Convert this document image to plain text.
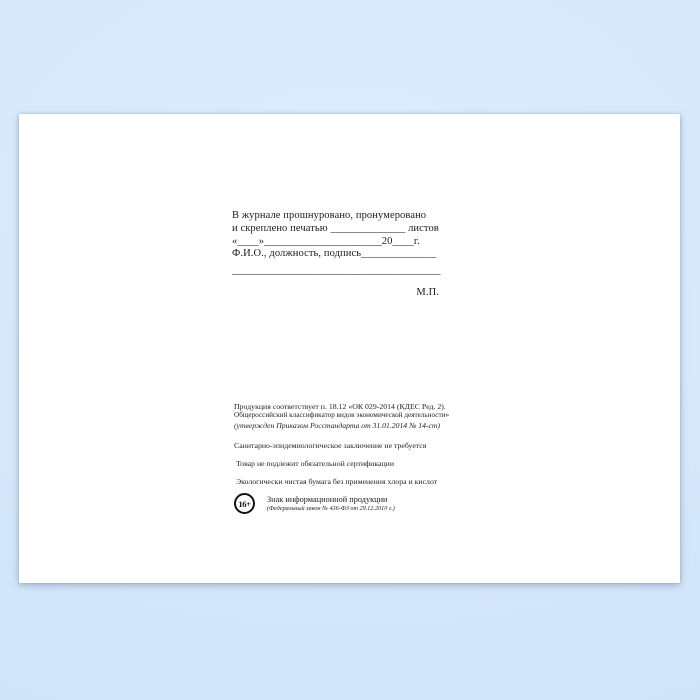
В журнале прошнуровано, пронумеровано
и скреплено печатью ______________ листов
«____»______________________20____г.
Ф.И.О., должность, подпись______________
_______________________________________
М.П.
Продукция соответствует п. 18.12 «ОК 029-2014 (КДЕС Ред. 2).
Общероссийский классификатор видов экономической деятельности»
(утвержден Приказом Росстандарта от 31.01.2014 № 14-ст)
Санитарно-эпидемиологическое заключение не требуется
Товар не подлежит обязательной сертификации
Экологически чистая бумага без применения хлора и кислот
16+	Знак информационной продукции
(Федеральный закон № 436-ФЗ от 29.12.2010 г.)
